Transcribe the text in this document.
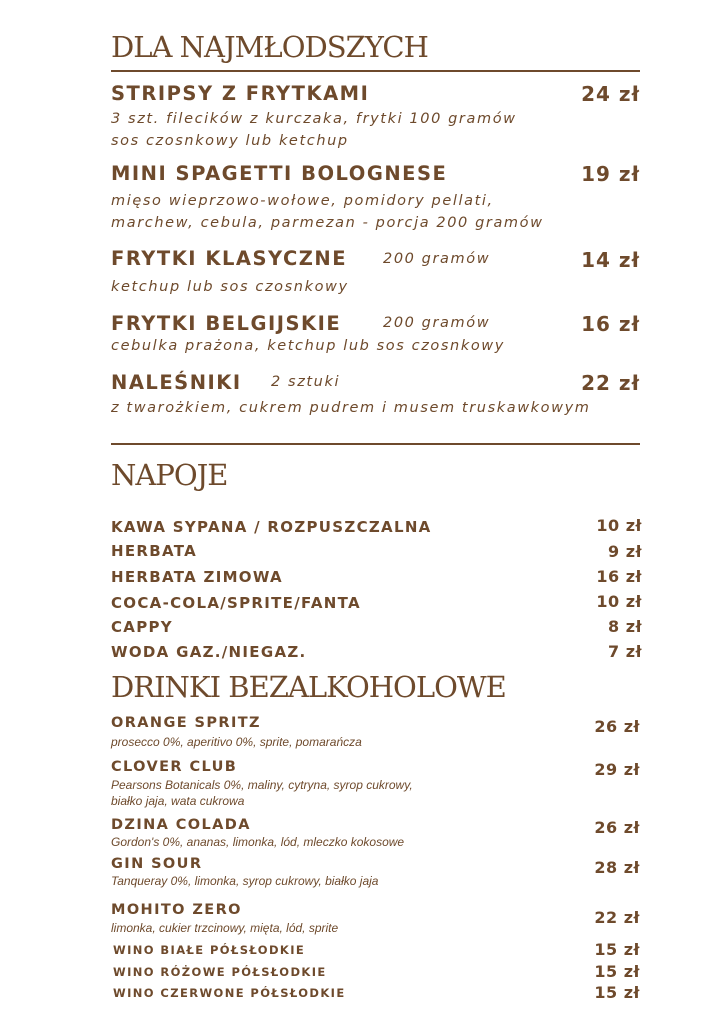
DLA NAJMŁODSZYCH
STRIPSY Z FRYTKAMI	24 zł
3 szt. filecików z kurczaka, frytki 100 gramów
sos czosnkowy lub ketchup
MINI SPAGETTI BOLOGNESE	19 zł
mięso wieprzowo-wołowe, pomidory pellati,
marchew, cebula, parmezan - porcja 200 gramów
FRYTKI KLASYCZNE 200 gramów	14 zł
ketchup lub sos czosnkowy
FRYTKI BELGIJSKIE	200 gramów	16 zł
cebulka prażona, ketchup lub sos czosnkowy
NALEŚNIKI 2 sztuki	22 zł
z twarożkiem, cukrem pudrem i musem truskawkowym
NAPOJE
KAWA SYPANA / ROZPUSZCZALNA	10 zł
HERBATA	9 zł
HERBATA ZIMOWA	16 zł
COCA-COLA/SPRITE/FANTA	10 zł
CAPPY	8 zł
WODA GAZ./NIEGAZ.	7 zł
DRINKI BEZALKOHOLOWE
ORANGE SPRITZ	26 zł
prosecco 0%, aperitivo 0%, sprite, pomarańcza
CLOVER CLUB	29 zł
Pearsons Botanicals 0%, maliny, cytryna, syrop cukrowy,
białko jaja, wata cukrowa
DZINA COLADA	26 zł
Gordon's 0%, ananas, limonka, lód, mleczko kokosowe
GIN SOUR	28 zł
Tanqueray 0%, limonka, syrop cukrowy, białko jaja
MOHITO ZERO	22 zł
limonka, cukier trzcinowy, mięta, lód, sprite
WINO BIAŁE PÓŁSŁODKIE	15 zł
WINO RÓŻOWE PÓŁSŁODKIE	15 zł
WINO CZERWONE PÓŁSŁODKIE	15 zł
